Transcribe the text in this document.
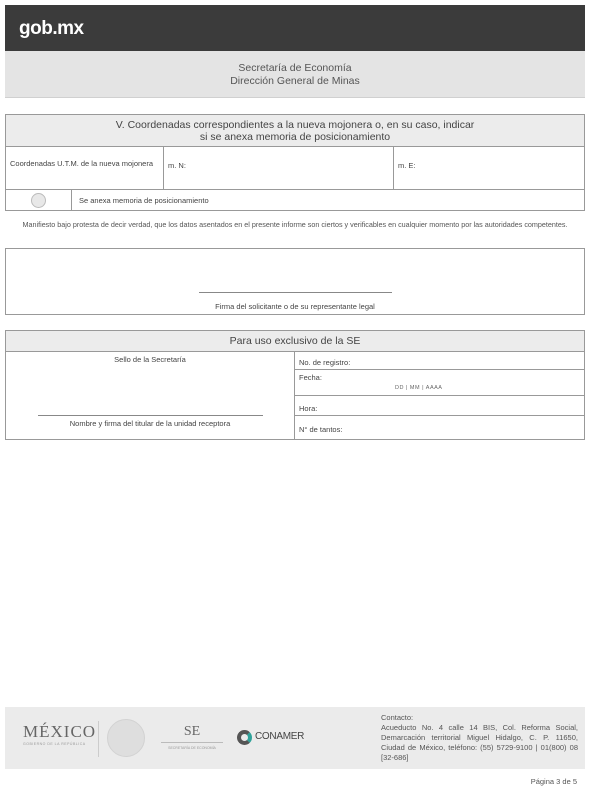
gob.mx
Secretaría de Economía
Dirección General de Minas
V. Coordenadas correspondientes a la nueva mojonera o, en su caso, indicar
si se anexa memoria de posicionamiento
Coordenadas U.T.M. de la nueva mojonera	m. N:	m. E:
Se anexa memoria de posicionamiento
Manifiesto bajo protesta de decir verdad, que los datos asentados en el presente informe son ciertos y verificables en cualquier momento por las autoridades competentes.
Firma del solicitante o de su representante legal
Para uso exclusivo de la SE
Sello de la Secretaría
Nombre y firma del titular de la unidad receptora
No. de registro:
Fecha:
DD | MM | AAAA
Hora:
N° de tantos:
MÉXICO
GOBIERNO DE LA REPÚBLICA
SE
SECRETARÍA DE ECONOMÍA
CONAMER
Contacto:
Acueducto No. 4 calle 14 BIS, Col. Reforma Social, Demarcación territorial Miguel Hidalgo, C. P. 11650, Ciudad de México, teléfono: (55) 5729-9100 | 01(800) 08 [32-686]
Página 3 de 5
